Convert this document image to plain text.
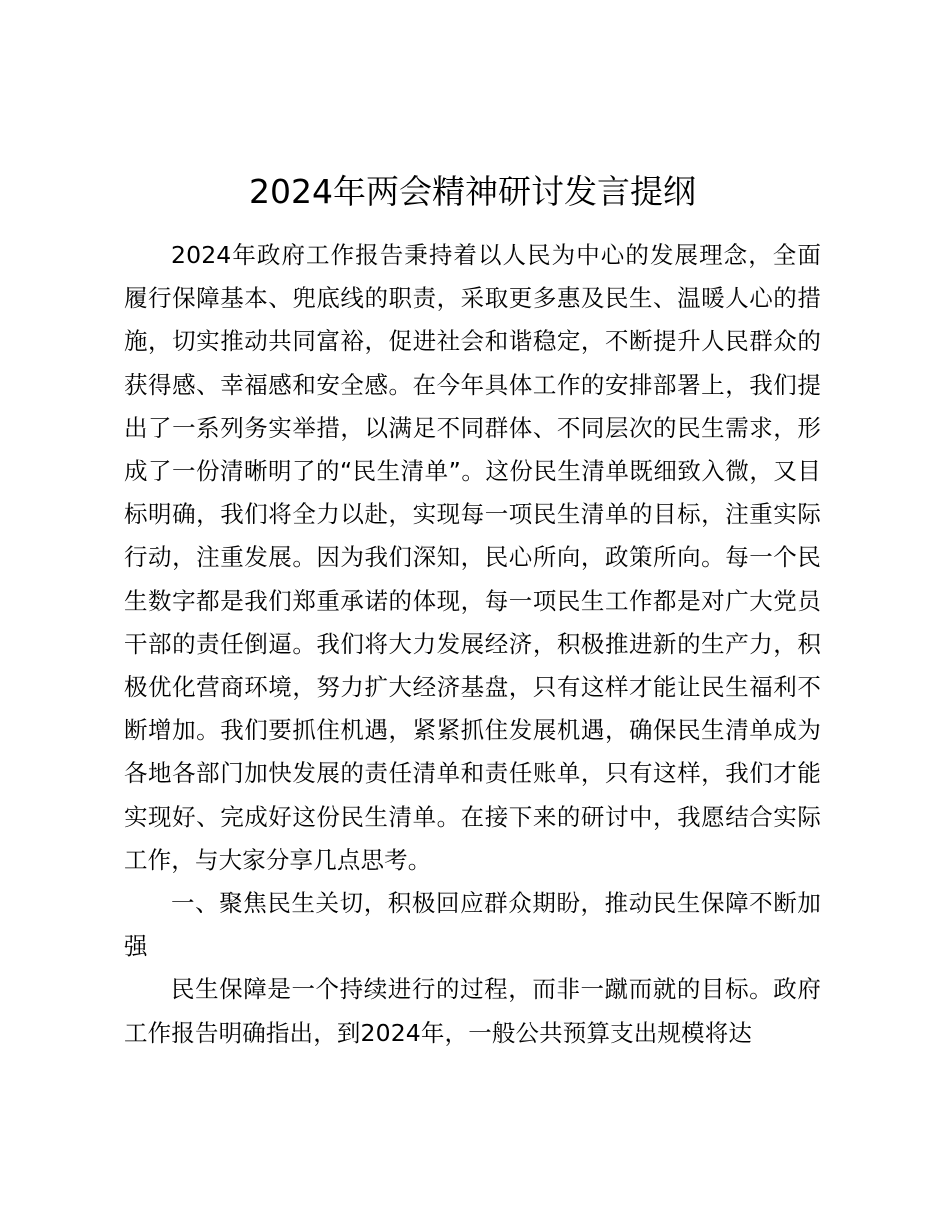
2024年两会精神研讨发言提纲

2024年政府工作报告秉持着以人民为中心的发展理念，全面履行保障基本、兜底线的职责，采取更多惠及民生、温暖人心的措施，切实推动共同富裕，促进社会和谐稳定，不断提升人民群众的获得感、幸福感和安全感。在今年具体工作的安排部署上，我们提出了一系列务实举措，以满足不同群体、不同层次的民生需求，形成了一份清晰明了的“民生清单”。这份民生清单既细致入微，又目标明确，我们将全力以赴，实现每一项民生清单的目标，注重实际行动，注重发展。因为我们深知，民心所向，政策所向。每一个民生数字都是我们郑重承诺的体现，每一项民生工作都是对广大党员干部的责任倒逼。我们将大力发展经济，积极推进新的生产力，积极优化营商环境，努力扩大经济基盘，只有这样才能让民生福利不断增加。我们要抓住机遇，紧紧抓住发展机遇，确保民生清单成为各地各部门加快发展的责任清单和责任账单，只有这样，我们才能实现好、完成好这份民生清单。在接下来的研讨中，我愿结合实际工作，与大家分享几点思考。

一、聚焦民生关切，积极回应群众期盼，推动民生保障不断加强

民生保障是一个持续进行的过程，而非一蹴而就的目标。政府工作报告明确指出，到2024年，一般公共预算支出规模将达
